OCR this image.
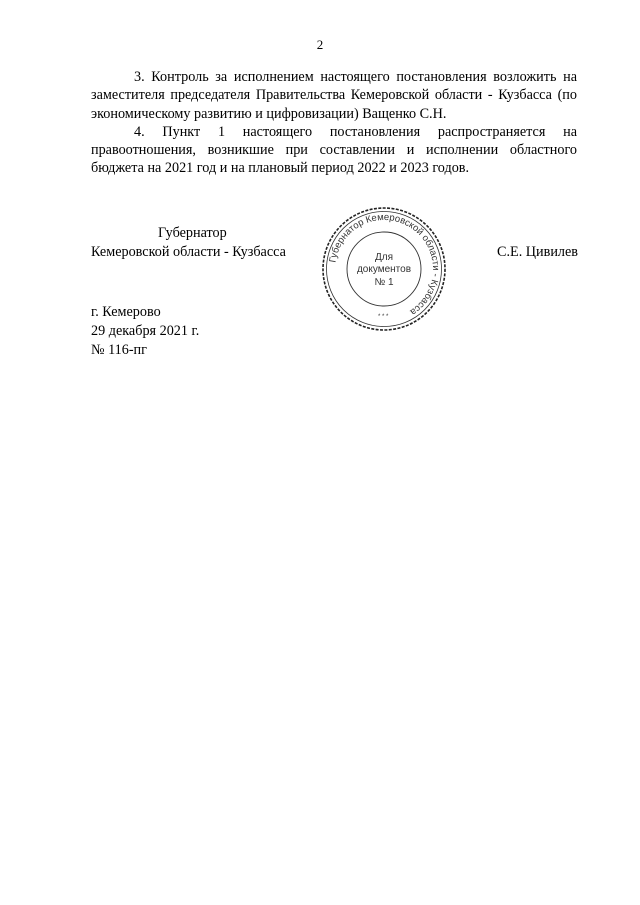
2

3. Контроль за исполнением настоящего постановления возложить на заместителя председателя Правительства Кемеровской области - Кузбасса (по экономическому развитию и цифровизации) Ващенко С.Н.

4. Пункт 1 настоящего постановления распространяется на правоотношения, возникшие при составлении и исполнении областного бюджета на 2021 год и на плановый период 2022 и 2023 годов.

Губернатор
Кемеровской области - Кузбасса
Губернатор Кемеровской области - Кузбасса
* * *
Для
документов
№ 1
С.Е. Цивилев
г. Кемерово
29 декабря 2021 г.
№ 116-пг
